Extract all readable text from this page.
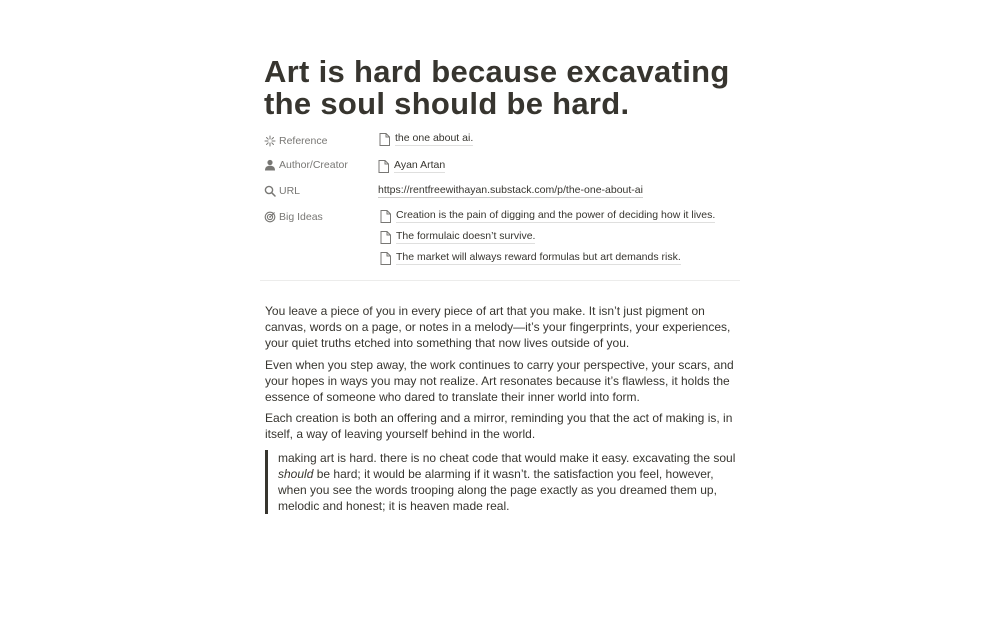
Art is hard because excavating the soul should be hard.
Reference	the one about ai.
Author/Creator	Ayan Artan
URL	https://rentfreewithayan.substack.com/p/the-one-about-ai
Big Ideas	Creation is the pain of digging and the power of deciding how it lives.
The formulaic doesn’t survive.
The market will always reward formulas but art demands risk.

You leave a piece of you in every piece of art that you make. It isn’t just pigment on canvas, words on a page, or notes in a melody—it’s your fingerprints, your experiences, your quiet truths etched into something that now lives outside of you.

Even when you step away, the work continues to carry your perspective, your scars, and your hopes in ways you may not realize. Art resonates because it’s flawless, it holds the essence of someone who dared to translate their inner world into form.

Each creation is both an offering and a mirror, reminding you that the act of making is, in itself, a way of leaving yourself behind in the world.

making art is hard. there is no cheat code that would make it easy. excavating the soul should be hard; it would be alarming if it wasn’t. the satisfaction you feel, however, when you see the words trooping along the page exactly as you dreamed them up, melodic and honest; it is heaven made real.
